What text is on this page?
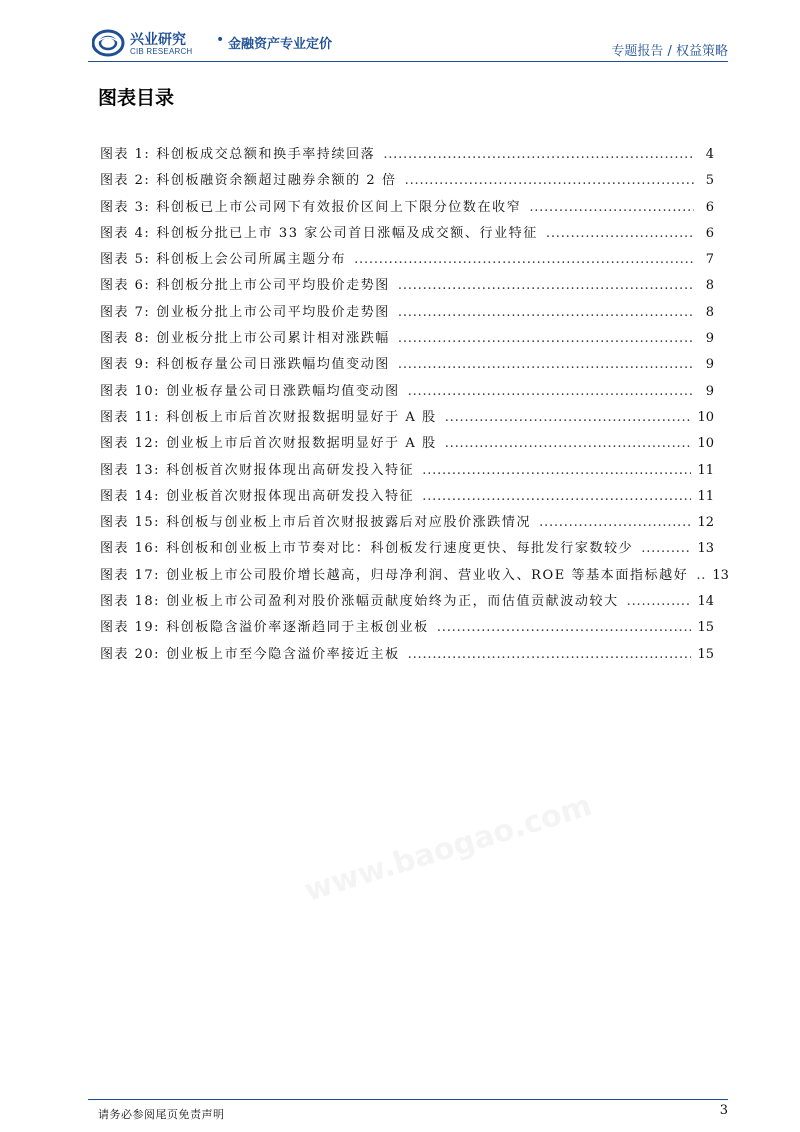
兴业研究
CIB RESEARCH
• 金融资产专业定价	专题报告 / 权益策略
图表目录
图表 1: 科创板成交总额和换手率持续回落 .....	4
图表 2: 科创板融资余额超过融券余额的 2 倍 .....	5
图表 3: 科创板已上市公司网下有效报价区间上下限分位数在收窄 .....	6
图表 4: 科创板分批已上市 33 家公司首日涨幅及成交额、行业特征 .....	6
图表 5: 科创板上会公司所属主题分布 .....	7
图表 6: 科创板分批上市公司平均股价走势图 .....	8
图表 7: 创业板分批上市公司平均股价走势图 .....	8
图表 8: 创业板分批上市公司累计相对涨跌幅 .....	9
图表 9: 科创板存量公司日涨跌幅均值变动图 .....	9
图表 10: 创业板存量公司日涨跌幅均值变动图 .....	9
图表 11: 科创板上市后首次财报数据明显好于 A 股 .....	10
图表 12: 创业板上市后首次财报数据明显好于 A 股 .....	10
图表 13: 科创板首次财报体现出高研发投入特征 .....	11
图表 14: 创业板首次财报体现出高研发投入特征 .....	11
图表 15: 科创板与创业板上市后首次财报披露后对应股价涨跌情况 .....	12
图表 16: 科创板和创业板上市节奏对比：科创板发行速度更快、每批发行家数较少 .....	13
图表 17: 创业板上市公司股价增长越高，归母净利润、营业收入、ROE 等基本面指标越好 ..... 13
图表 18: 创业板上市公司盈利对股价涨幅贡献度始终为正，而估值贡献波动较大 .....	14
图表 19: 科创板隐含溢价率逐渐趋同于主板创业板 .....	15
图表 20: 创业板上市至今隐含溢价率接近主板 .....	15
请务必参阅尾页免责声明	3
